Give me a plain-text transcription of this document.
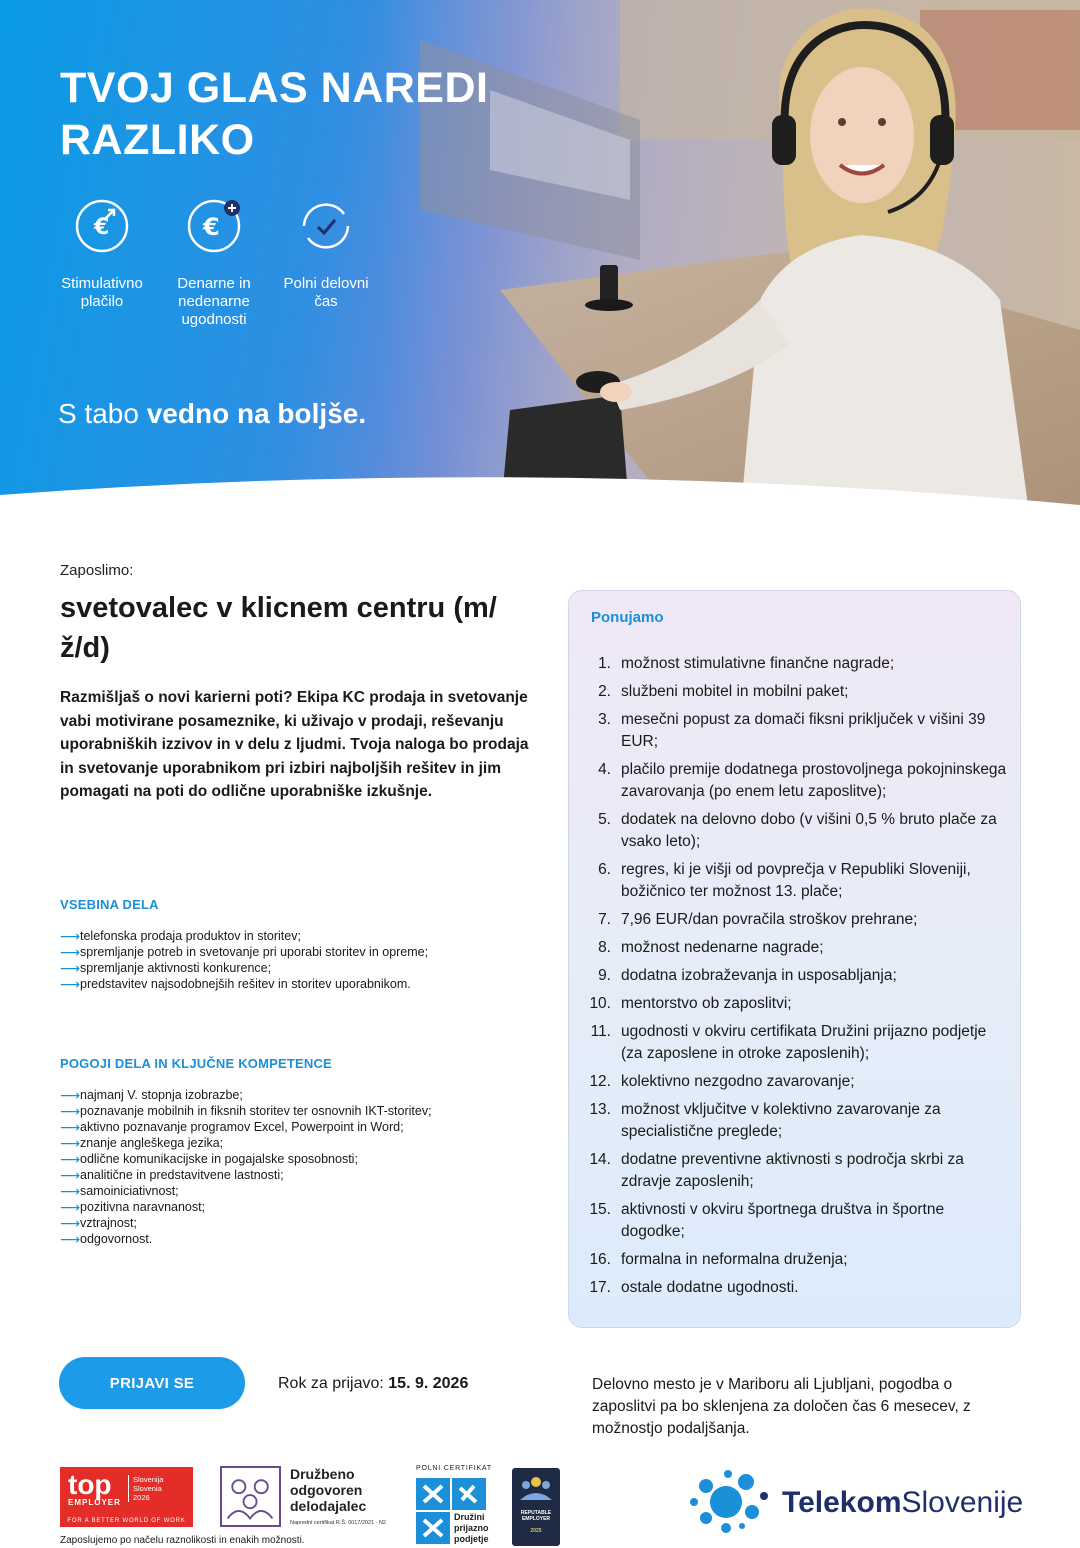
TVOJ GLAS NAREDI RAZLIKO
€
Stimulativno plačilo
€
Denarne in nedenarne ugodnosti
Polni delovni čas
S tabo vedno na boljše.
Zaposlimo:
svetovalec v klicnem centru (m/ž/d)
Razmišljaš o novi karierni poti? Ekipa KC prodaja in svetovanje vabi motivirane posameznike, ki uživajo v prodaji, reševanju uporabniških izzivov in v delu z ljudmi. Tvoja naloga bo prodaja in svetovanje uporabnikom pri izbiri najboljših rešitev in jim pomagati na poti do odlične uporabniške izkušnje.
VSEBINA DELA
⟶ telefonska prodaja produktov in storitev;
⟶ spremljanje potreb in svetovanje pri uporabi storitev in opreme;
⟶ spremljanje aktivnosti konkurence;
⟶ predstavitev najsodobnejših rešitev in storitev uporabnikom.
POGOJI DELA IN KLJUČNE KOMPETENCE
⟶ najmanj V. stopnja izobrazbe;
⟶ poznavanje mobilnih in fiksnih storitev ter osnovnih IKT-storitev;
⟶ aktivno poznavanje programov Excel, Powerpoint in Word;
⟶ znanje angleškega jezika;
⟶ odlične komunikacijske in pogajalske sposobnosti;
⟶ analitične in predstavitvene lastnosti;
⟶ samoiniciativnost;
⟶ pozitivna naravnanost;
⟶ vztrajnost;
⟶ odgovornost.
Ponujamo
1. možnost stimulativne finančne nagrade;
2. službeni mobitel in mobilni paket;
3. mesečni popust za domači fiksni priključek v višini 39 EUR;
4. plačilo premije dodatnega prostovoljnega pokojninskega zavarovanja (po enem letu zaposlitve);
5. dodatek na delovno dobo (v višini 0,5 % bruto plače za vsako leto);
6. regres, ki je višji od povprečja v Republiki Sloveniji, božičnico ter možnost 13. plače;
7. 7,96 EUR/dan povračila stroškov prehrane;
8. možnost nedenarne nagrade;
9. dodatna izobraževanja in usposabljanja;
10. mentorstvo ob zaposlitvi;
11. ugodnosti v okviru certifikata Družini prijazno podjetje (za zaposlene in otroke zaposlenih);
12. kolektivno nezgodno zavarovanje;
13. možnost vključitve v kolektivno zavarovanje za specialistične preglede;
14. dodatne preventivne aktivnosti s področja skrbi za zdravje zaposlenih;
15. aktivnosti v okviru športnega društva in športne dogodke;
16. formalna in neformalna druženja;
17. ostale dodatne ugodnosti.
PRIJAVI SE	Rok za prijavo: 15. 9. 2026	Delovno mesto je v Mariboru ali Ljubljani, pogodba o zaposlitvi pa bo sklenjena za določen čas 6 mesecev, z možnostjo podaljšanja.
top
EMPLOYER
Slovenija
Slovenia
2026
FOR A BETTER WORLD OF WORK
Zaposlujemo po načelu raznolikosti in enakih možnosti.
Družbeno
odgovoren
delodajalec
Napredni certifikat R.Š. 0017/2021 - N2
POLNI CERTIFIKAT
Družini
prijazno
podjetje
REPUTABLE EMPLOYER
2025
TelekomSlovenije
